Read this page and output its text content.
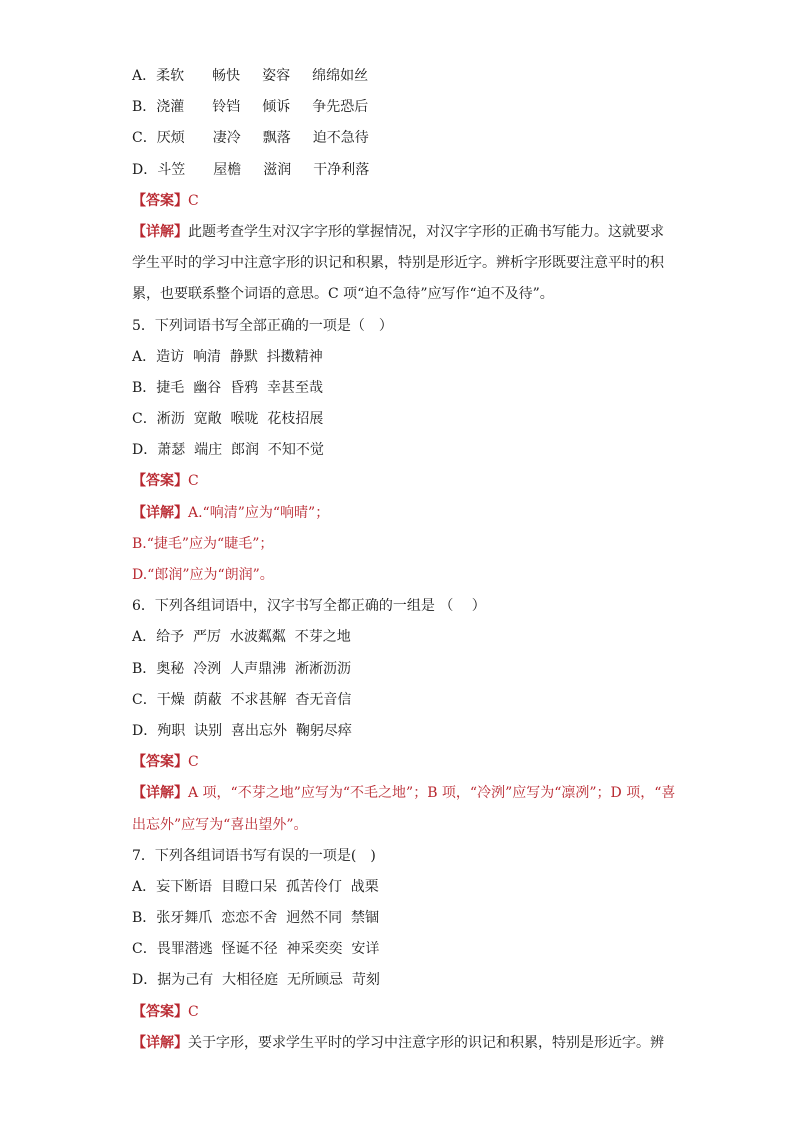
A．柔软 畅快 姿容 绵绵如丝
B．浇灌 铃铛 倾诉 争先恐后
C．厌烦 凄冷 飘落 迫不急待
D．斗笠 屋檐 滋润 干净利落
【答案】C
【详解】此题考查学生对汉字字形的掌握情况，对汉字字形的正确书写能力。这就要求
学生平时的学习中注意字形的识记和积累，特别是形近字。辨析字形既要注意平时的积
累，也要联系整个词语的意思。C 项“迫不急待”应写作“迫不及待”。
5．下列词语书写全部正确的一项是（　）
A．造访  响清  静默  抖擞精神
B．捷毛  幽谷  昏鸦  幸甚至哉
C．淅沥  宽敞  喉咙  花枝招展
D．萧瑟  端庄  郎润  不知不觉
【答案】C
【详解】A.“响清”应为“响晴”；
B.“捷毛”应为“睫毛”；
D.“郎润”应为“朗润”。
6．下列各组词语中，汉字书写全都正确的一组是 （　 ）
A．给予  严厉  水波粼粼  不芽之地
B．奥秘  冷洌  人声鼎沸  淅淅沥沥
C．干燥  荫蔽  不求甚解  杳无音信
D．殉职  诀别  喜出忘外  鞠躬尽瘁
【答案】C
【详解】A 项，“不芽之地”应写为“不毛之地”；B 项，“冷洌”应写为“凛冽”；D 项，“喜
出忘外”应写为“喜出望外”。
7．下列各组词语书写有误的一项是(　)
A．妄下断语  目瞪口呆  孤苦伶仃  战栗
B．张牙舞爪  恋恋不舍  迥然不同  禁锢
C．畏罪潜逃  怪诞不径  神采奕奕  安详
D．据为己有  大相径庭  无所顾忌  苛刻
【答案】C
【详解】关于字形，要求学生平时的学习中注意字形的识记和积累，特别是形近字。辨
